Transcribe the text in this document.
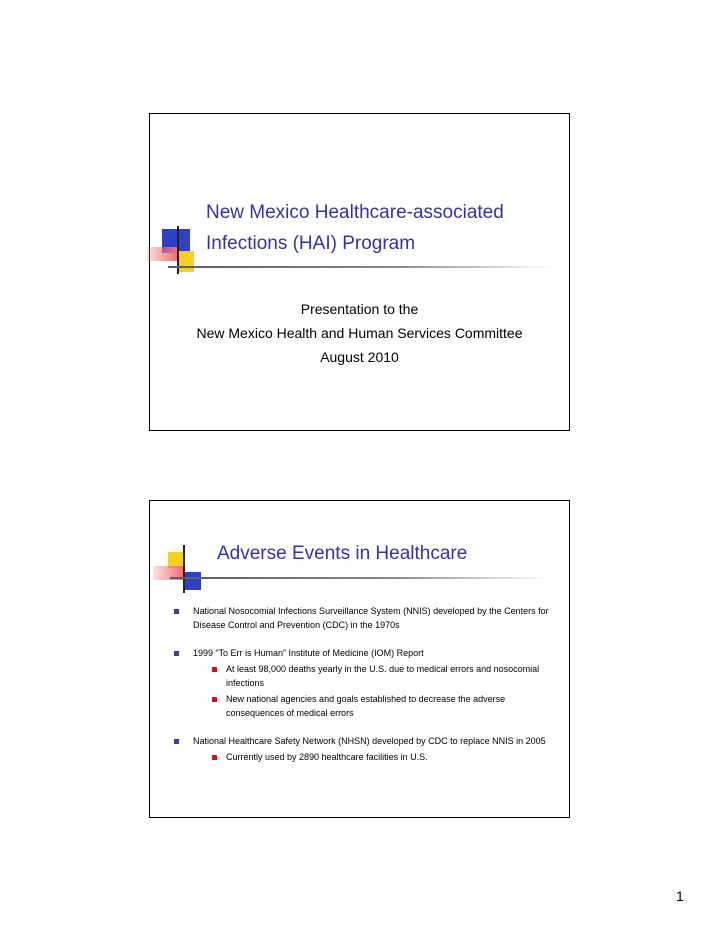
New Mexico Healthcare-associated
Infections (HAI) Program
Presentation to the
New Mexico Health and Human Services Committee
August 2010
Adverse Events in Healthcare
National Nosocomial Infections Surveillance System (NNIS) developed by the Centers for Disease Control and Prevention (CDC) in the 1970s
1999 “To Err is Human” Institute of Medicine (IOM) Report
At least 98,000 deaths yearly in the U.S. due to medical errors and nosocomial infections
New national agencies and goals established to decrease the adverse consequences of medical errors
National Healthcare Safety Network (NHSN) developed by CDC to replace NNIS in 2005
Currently used by 2890 healthcare facilities in U.S.
1
